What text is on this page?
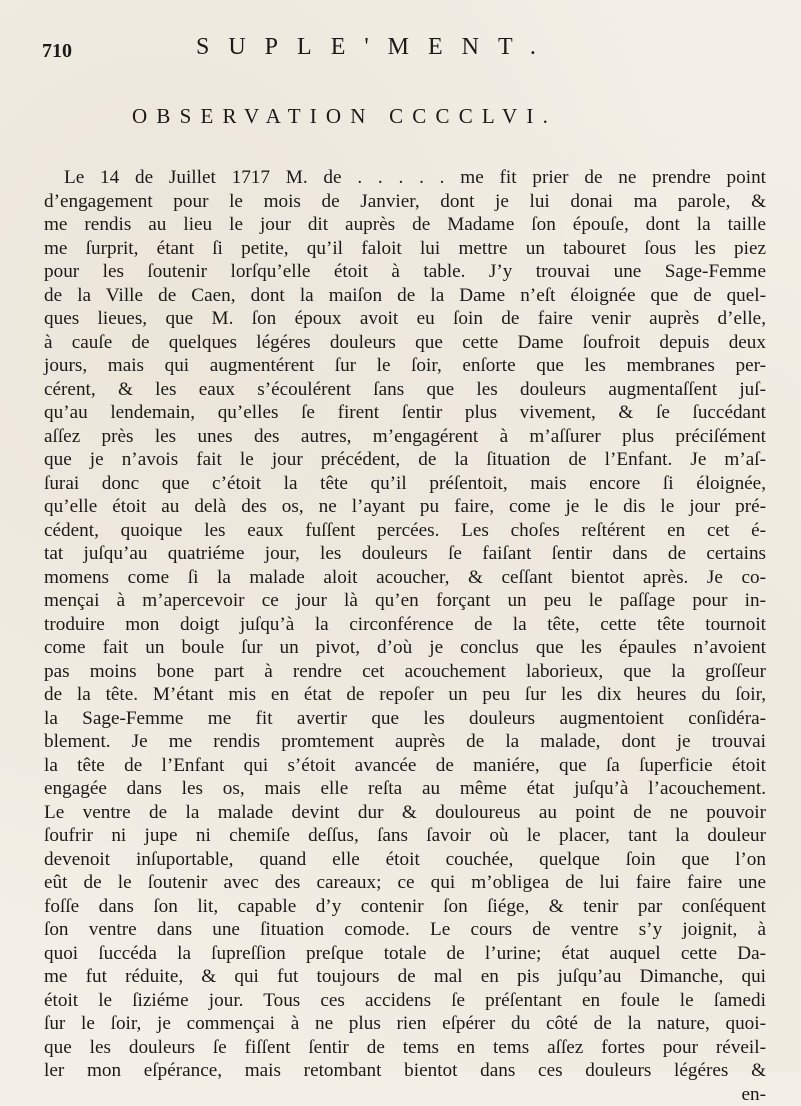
710	SUPLE'MENT.
OBSERVATION CCCCLVI.
Le 14 de Juillet 1717 M. de . . . . . me fit prier de ne prendre point
d’engagement pour le mois de Janvier, dont je lui donai ma parole, &
me rendis au lieu le jour dit auprès de Madame ſon épouſe, dont la taille
me ſurprit, étant ſi petite, qu’il faloit lui mettre un tabouret ſous les piez
pour les ſoutenir lorſqu’elle étoit à table. J’y trouvai une Sage-Femme
de la Ville de Caen, dont la maiſon de la Dame n’eſt éloignée que de quel-
ques lieues, que M. ſon époux avoit eu ſoin de faire venir auprès d’elle,
à cauſe de quelques légéres douleurs que cette Dame ſoufroit depuis deux
jours, mais qui augmentérent ſur le ſoir, enſorte que les membranes per-
cérent, & les eaux s’écoulérent ſans que les douleurs augmentaſſent juſ-
qu’au lendemain, qu’elles ſe firent ſentir plus vivement, & ſe ſuccédant
aſſez près les unes des autres, m’engagérent à m’aſſurer plus préciſément
que je n’avois fait le jour précédent, de la ſituation de l’Enfant. Je m’aſ-
ſurai donc que c’étoit la tête qu’il préſentoit, mais encore ſi éloignée,
qu’elle étoit au delà des os, ne l’ayant pu faire, come je le dis le jour pré-
cédent, quoique les eaux fuſſent percées. Les choſes reſtérent en cet é-
tat juſqu’au quatriéme jour, les douleurs ſe faiſant ſentir dans de certains
momens come ſi la malade aloit acoucher, & ceſſant bientot après. Je co-
mençai à m’apercevoir ce jour là qu’en forçant un peu le paſſage pour in-
troduire mon doigt juſqu’à la circonférence de la tête, cette tête tournoit
come fait un boule ſur un pivot, d’où je conclus que les épaules n’avoient
pas moins bone part à rendre cet acouchement laborieux, que la groſſeur
de la tête. M’étant mis en état de repoſer un peu ſur les dix heures du ſoir,
la Sage-Femme me fit avertir que les douleurs augmentoient conſidéra-
blement. Je me rendis promtement auprès de la malade, dont je trouvai
la tête de l’Enfant qui s’étoit avancée de maniére, que ſa ſuperficie étoit
engagée dans les os, mais elle reſta au même état juſqu’à l’acouchement.
Le ventre de la malade devint dur & douloureus au point de ne pouvoir
ſoufrir ni jupe ni chemiſe deſſus, ſans ſavoir où le placer, tant la douleur
devenoit inſuportable, quand elle étoit couchée, quelque ſoin que l’on
eût de le ſoutenir avec des careaux; ce qui m’obligea de lui faire faire une
foſſe dans ſon lit, capable d’y contenir ſon ſiége, & tenir par conſéquent
ſon ventre dans une ſituation comode. Le cours de ventre s’y joignit, à
quoi ſuccéda la ſupreſſion preſque totale de l’urine; état auquel cette Da-
me fut réduite, & qui fut toujours de mal en pis juſqu’au Dimanche, qui
étoit le ſiziéme jour. Tous ces accidens ſe préſentant en foule le ſamedi
ſur le ſoir, je commençai à ne plus rien eſpérer du côté de la nature, quoi-
que les douleurs ſe fiſſent ſentir de tems en tems aſſez fortes pour réveil-
ler mon eſpérance, mais retombant bientot dans ces douleurs légéres &
en-
